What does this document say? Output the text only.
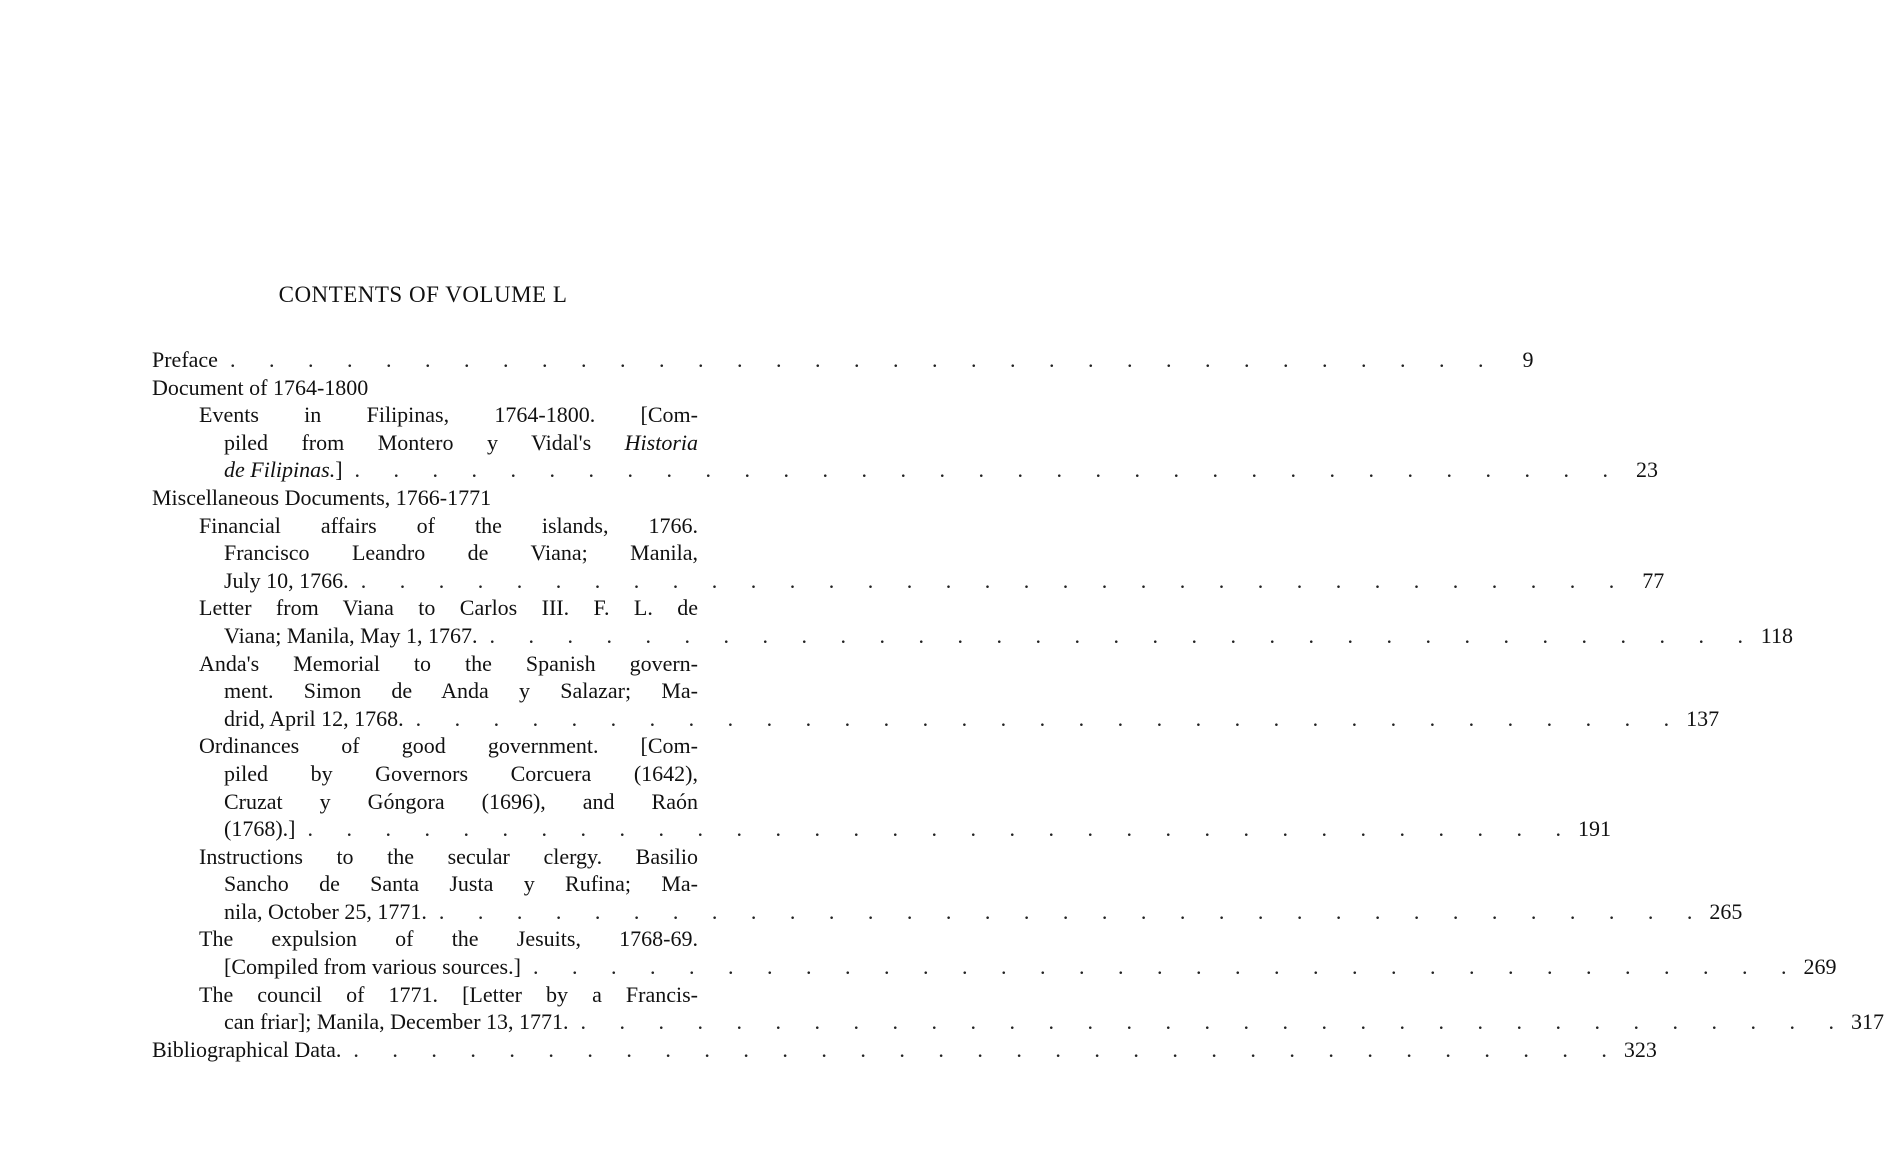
CONTENTS OF VOLUME L
Preface . . . . . . . . . . . . . . . . . . . . . . . . . . . . . . . . .	9
Document of 1764-1800
Events in Filipinas, 1764-1800. [Com-
piled from Montero y Vidal's Historia
de Filipinas.] . . . . . . . . . . . . . . . . . . . . . . . . . . . . . . . . . 23
Miscellaneous Documents, 1766-1771
Financial affairs of the islands, 1766.
Francisco Leandro de Viana; Manila,
July 10, 1766. . . . . . . . . . . . . . . . . . . . . . . . . . . . . . . . . . 77
Letter from Viana to Carlos III. F. L. de
Viana; Manila, May 1, 1767. . . . . . . . . . . . . . . . . . . . . . . . . . . . . . . . . . 118
Anda's Memorial to the Spanish govern-
ment. Simon de Anda y Salazar; Ma-
drid, April 12, 1768. . . . . . . . . . . . . . . . . . . . . . . . . . . . . . . . . . 137
Ordinances of good government. [Com-
piled by Governors Corcuera (1642),
Cruzat y Góngora (1696), and Raón
(1768).] . . . . . . . . . . . . . . . . . . . . . . . . . . . . . . . . . 191
Instructions to the secular clergy. Basilio
Sancho de Santa Justa y Rufina; Ma-
nila, October 25, 1771. . . . . . . . . . . . . . . . . . . . . . . . . . . . . . . . . . 265
The expulsion of the Jesuits, 1768-69.
[Compiled from various sources.] . . . . . . . . . . . . . . . . . . . . . . . . . . . . . . . . . 269
The council of 1771. [Letter by a Francis-
can friar]; Manila, December 13, 1771. . . . . . . . . . . . . . . . . . . . . . . . . . . . . . . . . . 317
Bibliographical Data. . . . . . . . . . . . . . . . . . . . . . . . . . . . . . . . . . 323
